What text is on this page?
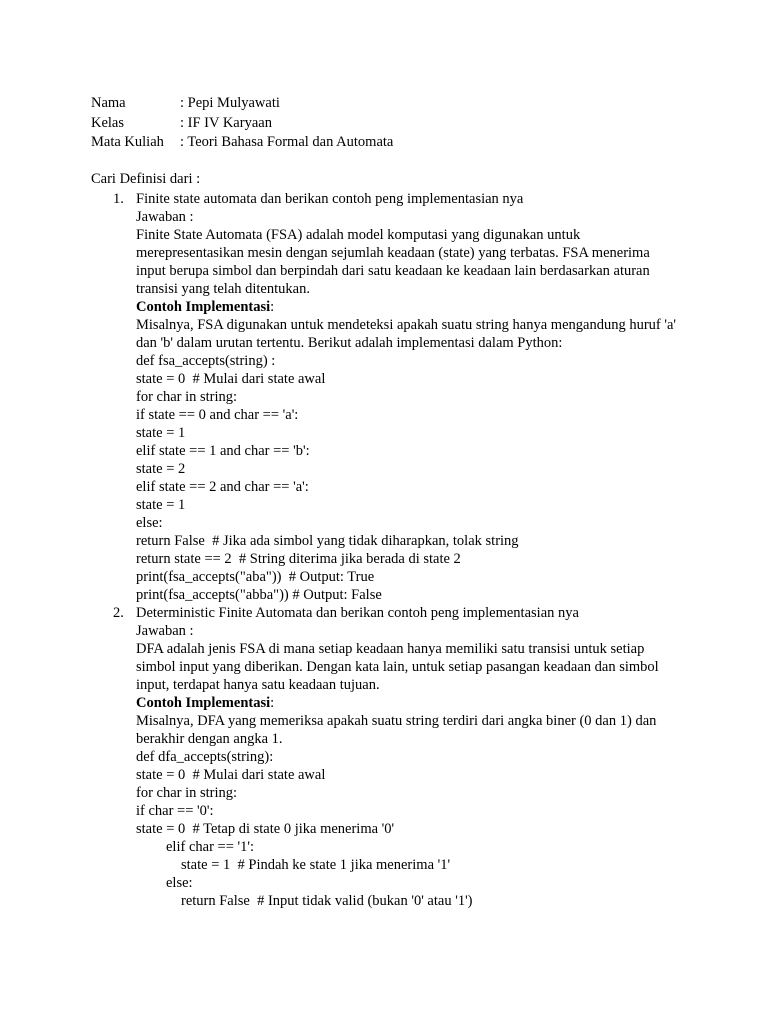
Nama	: Pepi Mulyawati
Kelas	: IF IV Karyaan
Mata Kuliah : Teori Bahasa Formal dan Automata
Cari Definisi dari :
1. Finite state automata dan berikan contoh peng implementasian nya
Jawaban :
Finite State Automata (FSA) adalah model komputasi yang digunakan untuk merepresentasikan mesin dengan sejumlah keadaan (state) yang terbatas. FSA menerima input berupa simbol dan berpindah dari satu keadaan ke keadaan lain berdasarkan aturan transisi yang telah ditentukan.
Contoh Implementasi:
Misalnya, FSA digunakan untuk mendeteksi apakah suatu string hanya mengandung huruf 'a' dan 'b' dalam urutan tertentu. Berikut adalah implementasi dalam Python:
def fsa_accepts(string) :
state = 0  # Mulai dari state awal
for char in string:
if state == 0 and char == 'a':
state = 1
elif state == 1 and char == 'b':
state = 2
elif state == 2 and char == 'a':
state = 1
else:
return False  # Jika ada simbol yang tidak diharapkan, tolak string
return state == 2  # String diterima jika berada di state 2
print(fsa_accepts("aba"))  # Output: True
print(fsa_accepts("abba")) # Output: False
2. Deterministic Finite Automata dan berikan contoh peng implementasian nya
Jawaban :
DFA adalah jenis FSA di mana setiap keadaan hanya memiliki satu transisi untuk setiap simbol input yang diberikan. Dengan kata lain, untuk setiap pasangan keadaan dan simbol input, terdapat hanya satu keadaan tujuan.
Contoh Implementasi:
Misalnya, DFA yang memeriksa apakah suatu string terdiri dari angka biner (0 dan 1) dan berakhir dengan angka 1.
def dfa_accepts(string):
state = 0  # Mulai dari state awal
for char in string:
if char == '0':
state = 0  # Tetap di state 0 jika menerima '0'
elif char == '1':
state = 1  # Pindah ke state 1 jika menerima '1'
else:
return False  # Input tidak valid (bukan '0' atau '1')
